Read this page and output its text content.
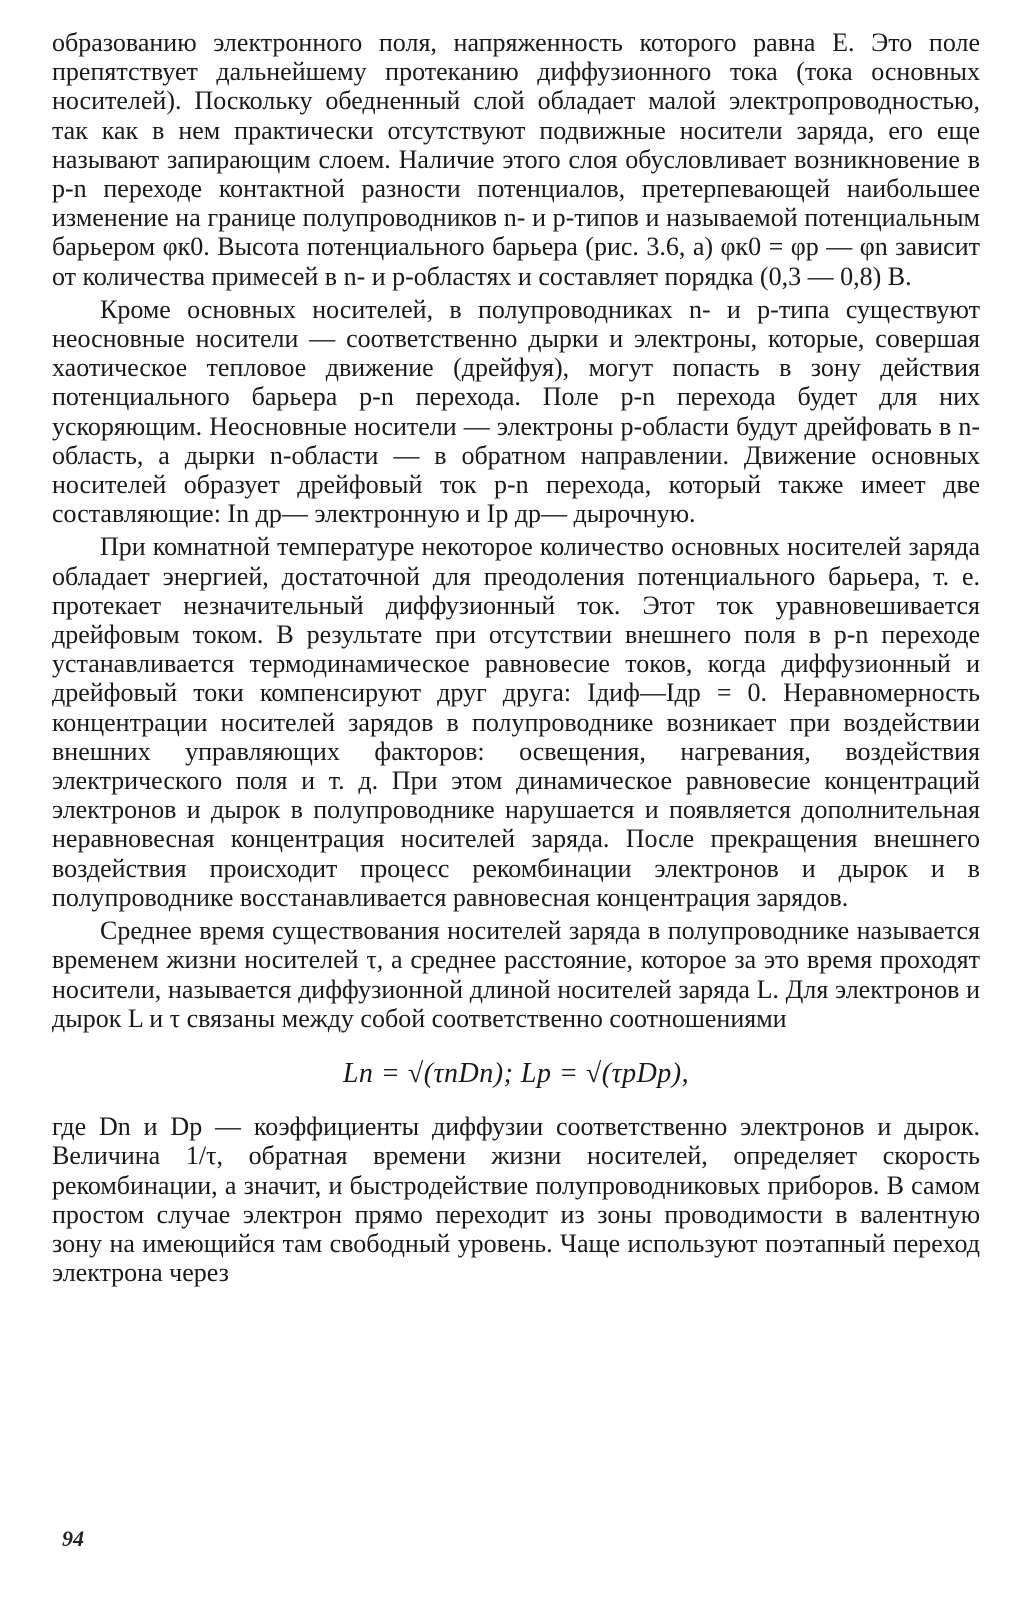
образованию электронного поля, напряженность которого равна E. Это поле препятствует дальнейшему протеканию диффузионного тока (тока основных носителей). Поскольку обедненный слой обладает малой электропроводностью, так как в нем практически отсутствуют подвижные носители заряда, его еще называют запирающим слоем. Наличие этого слоя обусловливает возникновение в p-n переходе контактной разности потенциалов, претерпевающей наибольшее изменение на границе полупроводников n- и p-типов и называемой потенциальным барьером φк0. Высота потенциального барьера (рис. 3.6, а) φк0 = φp — φn зависит от количества примесей в n- и p-областях и составляет порядка (0,3 — 0,8) В.

Кроме основных носителей, в полупроводниках n- и p-типа существуют неосновные носители — соответственно дырки и электроны, которые, совершая хаотическое тепловое движение (дрейфуя), могут попасть в зону действия потенциального барьера p-n перехода. Поле p-n перехода будет для них ускоряющим. Неосновные носители — электроны p-области будут дрейфовать в n-область, а дырки n-области — в обратном направлении. Движение основных носителей образует дрейфовый ток p-n перехода, который также имеет две составляющие: In др— электронную и Ip др— дырочную.

При комнатной температуре некоторое количество основных носителей заряда обладает энергией, достаточной для преодоления потенциального барьера, т. е. протекает незначительный диффузионный ток. Этот ток уравновешивается дрейфовым током. В результате при отсутствии внешнего поля в p-n переходе устанавливается термодинамическое равновесие токов, когда диффузионный и дрейфовый токи компенсируют друг друга: Iдиф—Iдр = 0. Неравномерность концентрации носителей зарядов в полупроводнике возникает при воздействии внешних управляющих факторов: освещения, нагревания, воздействия электрического поля и т. д. При этом динамическое равновесие концентраций электронов и дырок в полупроводнике нарушается и появляется дополнительная неравновесная концентрация носителей заряда. После прекращения внешнего воздействия происходит процесс рекомбинации электронов и дырок и в полупроводнике восстанавливается равновесная концентрация зарядов.

Среднее время существования носителей заряда в полупроводнике называется временем жизни носителей τ, а среднее расстояние, которое за это время проходят носители, называется диффузионной длиной носителей заряда L. Для электронов и дырок L и τ связаны между собой соответственно соотношениями

Ln = √(τnDn); Lp = √(τpDp),

где Dn и Dp — коэффициенты диффузии соответственно электронов и дырок. Величина 1/τ, обратная времени жизни носителей, определяет скорость рекомбинации, а значит, и быстродействие полупроводниковых приборов. В самом простом случае электрон прямо переходит из зоны проводимости в валентную зону на имеющийся там свободный уровень. Чаще используют поэтапный переход электрона через

94
